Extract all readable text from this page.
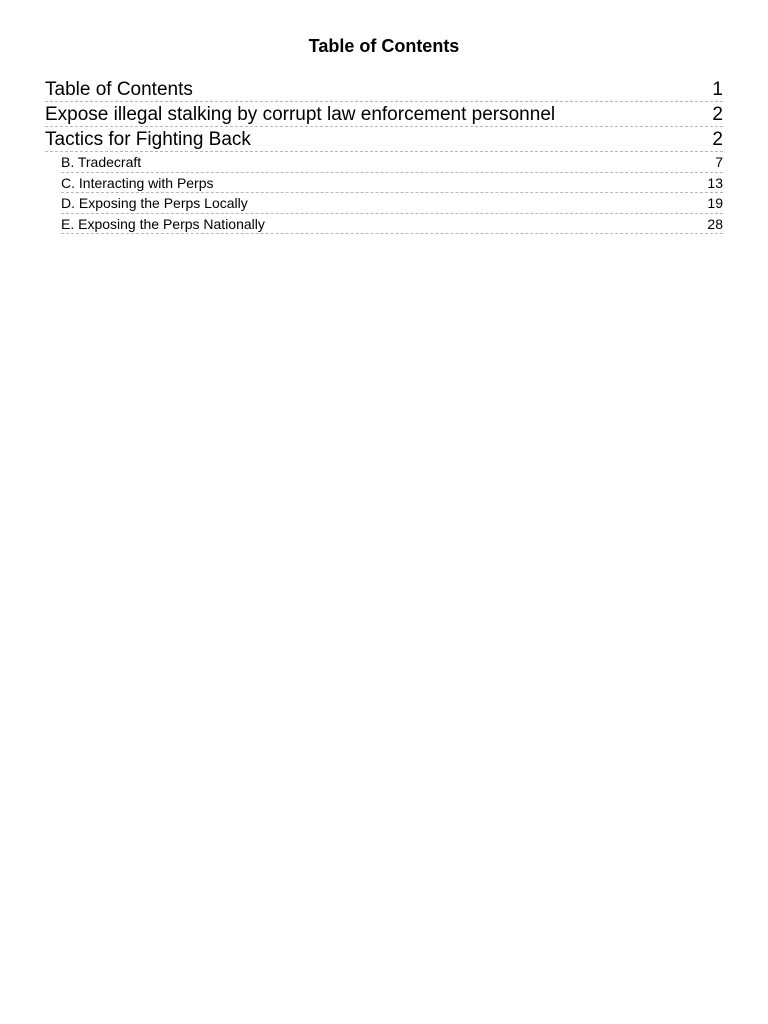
Table of Contents
Table of Contents	1
Expose illegal stalking by corrupt law enforcement personnel	2
Tactics for Fighting Back	2
B. Tradecraft	7
C. Interacting with Perps	13
D. Exposing the Perps Locally	19
E. Exposing the Perps Nationally	28
